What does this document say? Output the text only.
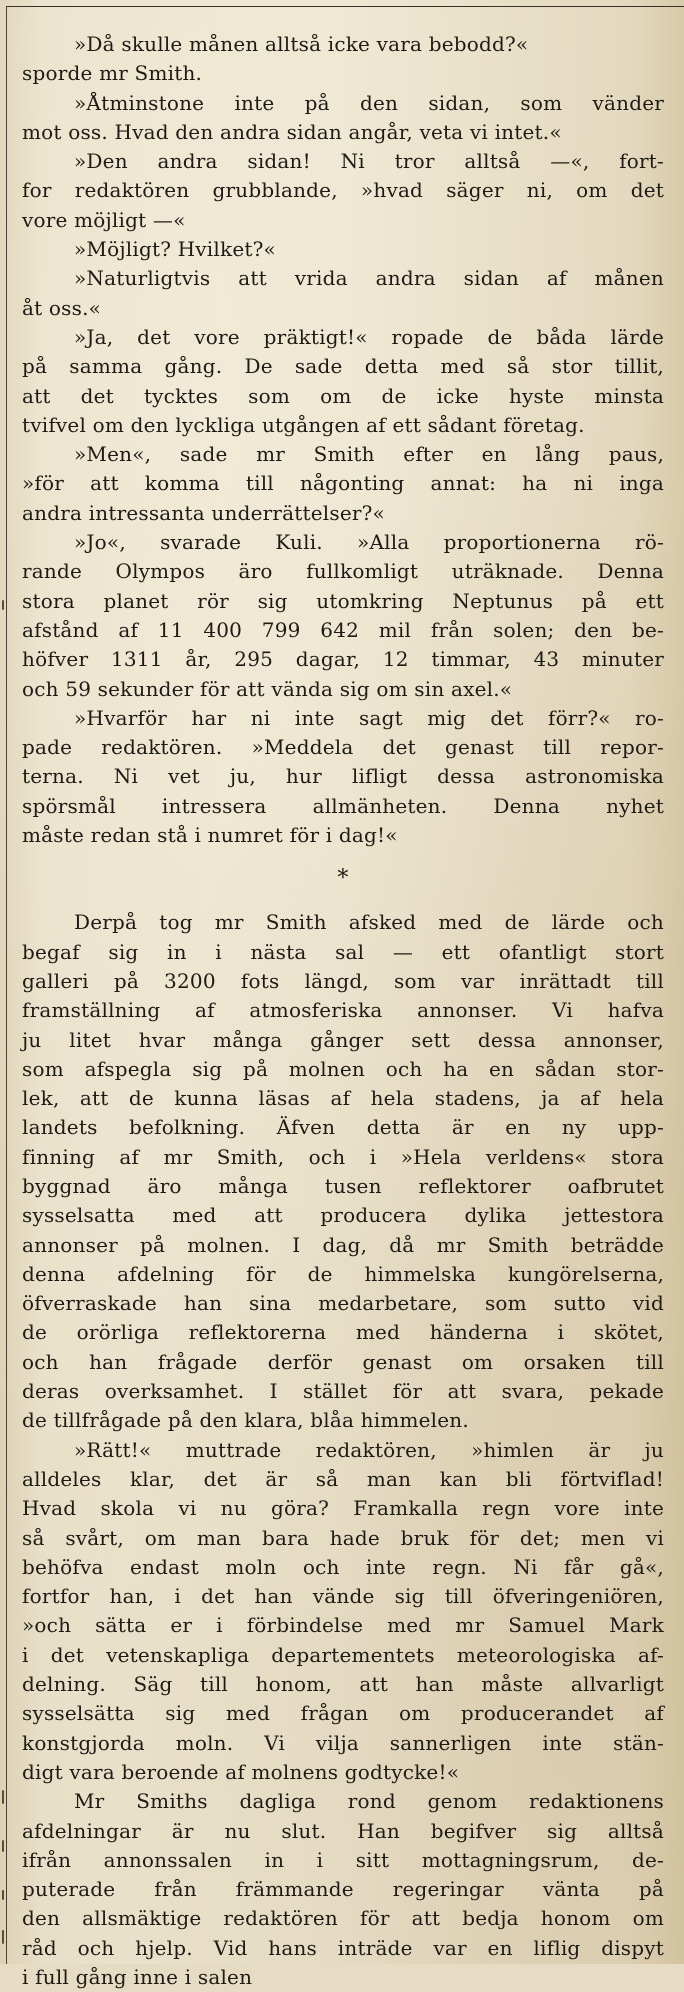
»Då skulle månen alltså icke vara bebodd?«
sporde mr Smith.
»Åtminstone inte på den sidan, som vänder
mot oss. Hvad den andra sidan angår, veta vi intet.«
»Den andra sidan! Ni tror alltså —«, fort-
for redaktören grubblande, »hvad säger ni, om det
vore möjligt —«
»Möjligt? Hvilket?«
»Naturligtvis att vrida andra sidan af månen
åt oss.«
»Ja, det vore präktigt!« ropade de båda lärde
på samma gång. De sade detta med så stor tillit,
att det tycktes som om de icke hyste minsta
tvifvel om den lyckliga utgången af ett sådant företag.
»Men«, sade mr Smith efter en lång paus,
»för att komma till någonting annat: ha ni inga
andra intressanta underrättelser?«
»Jo«, svarade Kuli. »Alla proportionerna rö-
rande Olympos äro fullkomligt uträknade. Denna
stora planet rör sig utomkring Neptunus på ett
afstånd af 11 400 799 642 mil från solen; den be-
höfver 1311 år, 295 dagar, 12 timmar, 43 minuter
och 59 sekunder för att vända sig om sin axel.«
»Hvarför har ni inte sagt mig det förr?« ro-
pade redaktören. »Meddela det genast till repor-
terna. Ni vet ju, hur lifligt dessa astronomiska
spörsmål intressera allmänheten. Denna nyhet
måste redan stå i numret för i dag!«
*
Derpå tog mr Smith afsked med de lärde och
begaf sig in i nästa sal — ett ofantligt stort
galleri på 3200 fots längd, som var inrättadt till
framställning af atmosferiska annonser. Vi hafva
ju litet hvar många gånger sett dessa annonser,
som afspegla sig på molnen och ha en sådan stor-
lek, att de kunna läsas af hela stadens, ja af hela
landets befolkning. Äfven detta är en ny upp-
finning af mr Smith, och i »Hela verldens« stora
byggnad äro många tusen reflektorer oafbrutet
sysselsatta med att producera dylika jettestora
annonser på molnen. I dag, då mr Smith beträdde
denna afdelning för de himmelska kungörelserna,
öfverraskade han sina medarbetare, som sutto vid
de orörliga reflektorerna med händerna i skötet,
och han frågade derför genast om orsaken till
deras overksamhet. I stället för att svara, pekade
de tillfrågade på den klara, blåa himmelen.
»Rätt!« muttrade redaktören, »himlen är ju
alldeles klar, det är så man kan bli förtviflad!
Hvad skola vi nu göra? Framkalla regn vore inte
så svårt, om man bara hade bruk för det; men vi
behöfva endast moln och inte regn. Ni får gå«,
fortfor han, i det han vände sig till öfveringeniören,
»och sätta er i förbindelse med mr Samuel Mark
i det vetenskapliga departementets meteorologiska af-
delning. Säg till honom, att han måste allvarligt
sysselsätta sig med frågan om producerandet af
konstgjorda moln. Vi vilja sannerligen inte stän-
digt vara beroende af molnens godtycke!«
Mr Smiths dagliga rond genom redaktionens
afdelningar är nu slut. Han begifver sig alltså
ifrån annonssalen in i sitt mottagningsrum, de-
puterade från främmande regeringar vänta på
den allsmäktige redaktören för att bedja honom om
råd och hjelp. Vid hans inträde var en liflig dispyt
i full gång inne i salen
